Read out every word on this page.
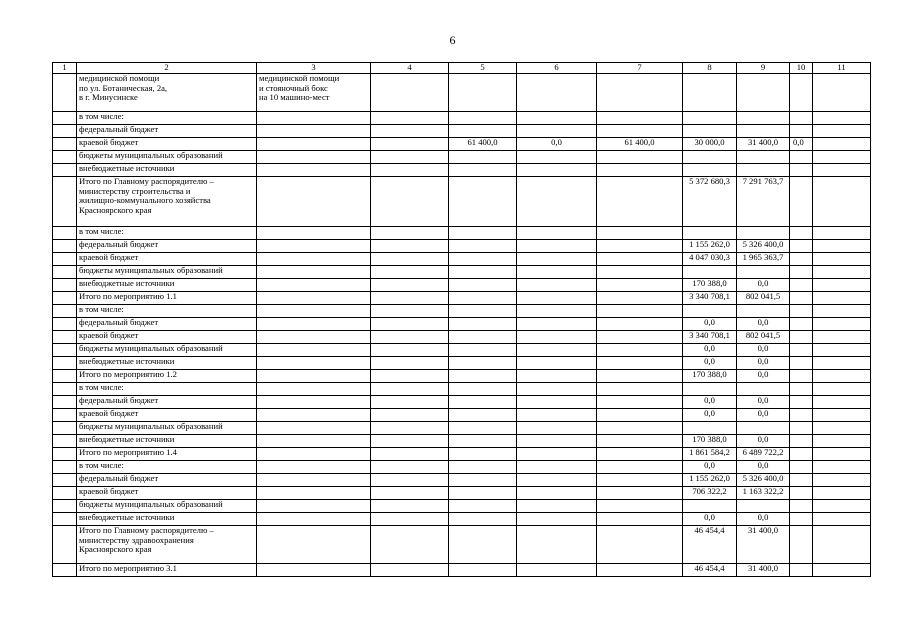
6
1	2	3	4	5	6	7	8	9	10	11
	медицинской помощи
по ул. Ботаническая, 2а,
в г. Минусинске	медицинской помощи
и стояночный бокс
на 10 машино-мест								
	в том числе:									
	федеральный бюджет									
	краевой бюджет			61 400,0	0,0	61 400,0	30 000,0	31 400,0	0,0	
	бюджеты муниципальных образований									
	внебюджетные источники									
	Итого по Главному распорядителю –
министерству строительства и
жилищно-коммунального хозяйства
Красноярского края						5 372 680,3	7 291 763,7		
	в том числе:									
	федеральный бюджет						1 155 262,0	5 326 400,0		
	краевой бюджет						4 047 030,3	1 965 363,7		
	бюджеты муниципальных образований									
	внебюджетные источники						170 388,0	0,0		
	Итого по мероприятию 1.1						3 340 708,1	802 041,5		
	в том числе:									
	федеральный бюджет						0,0	0,0		
	краевой бюджет						3 340 708,1	802 041,5		
	бюджеты муниципальных образований						0,0	0,0		
	внебюджетные источники						0,0	0,0		
	Итого по мероприятию 1.2						170 388,0	0,0		
	в том числе:									
	федеральный бюджет						0,0	0,0		
	краевой бюджет						0,0	0,0		
	бюджеты муниципальных образований									
	внебюджетные источники						170 388,0	0,0		
	Итого по мероприятию 1.4						1 861 584,2	6 489 722,2		
	в том числе:						0,0	0,0		
	федеральный бюджет						1 155 262,0	5 326 400,0		
	краевой бюджет						706 322,2	1 163 322,2		
	бюджеты муниципальных образований									
	внебюджетные источники						0,0	0,0		
	Итого по Главному распорядителю –
министерству здравоохранения
Красноярского края						46 454,4	31 400,0		
	Итого по мероприятию 3.1						46 454,4	31 400,0		
